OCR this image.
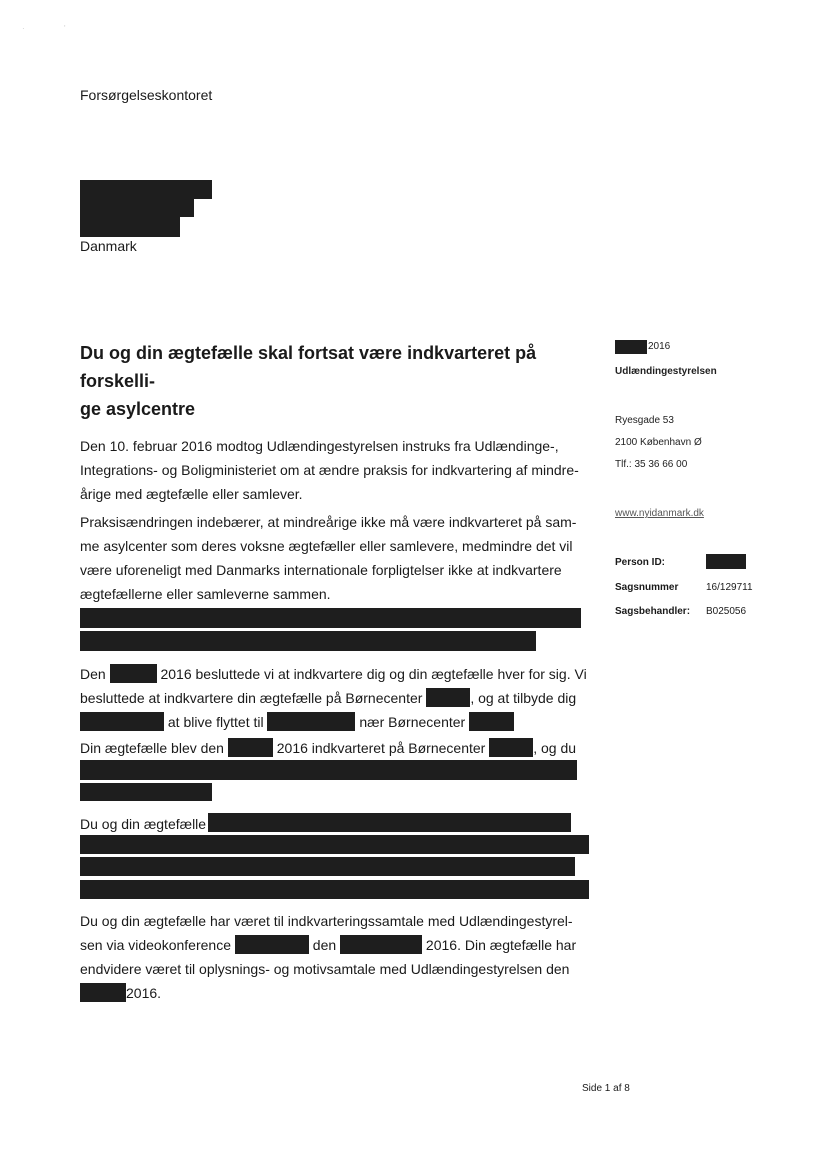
·	'
Forsørgelseskontoret
Danmark
Du og din ægtefælle skal fortsat være indkvarteret på forskelli-
ge asylcentre
2016
Udlændingestyrelsen
Ryesgade 53
2100 København Ø
Tlf.: 35 36 66 00
www.nyidanmark.dk
Person ID:
Sagsnummer	16/129711
Sagsbehandler: B025056
Den 10. februar 2016 modtog Udlændingestyrelsen instruks fra Udlændinge-,
Integrations- og Boligministeriet om at ændre praksis for indkvartering af mindre-
årige med ægtefælle eller samlever.
Praksisændringen indebærer, at mindreårige ikke må være indkvarteret på sam-
me asylcenter som deres voksne ægtefæller eller samlevere, medmindre det vil
være uforeneligt med Danmarks internationale forpligtelser ikke at indkvartere
ægtefællerne eller samleverne sammen.
Den	2016 besluttede vi at indkvartere dig og din ægtefælle hver for sig. Vi
besluttede at indkvartere din ægtefælle på Børnecenter	, og at tilbyde dig
at blive flyttet til	nær Børnecenter
Din ægtefælle blev den	2016 indkvarteret på Børnecenter	, og du
Du og din ægtefælle
Du og din ægtefælle har været til indkvarteringssamtale med Udlændingestyrel-
sen via videokonference	den	2016. Din ægtefælle har
endvidere været til oplysnings- og motivsamtale med Udlændingestyrelsen den
2016.
Side 1 af 8
